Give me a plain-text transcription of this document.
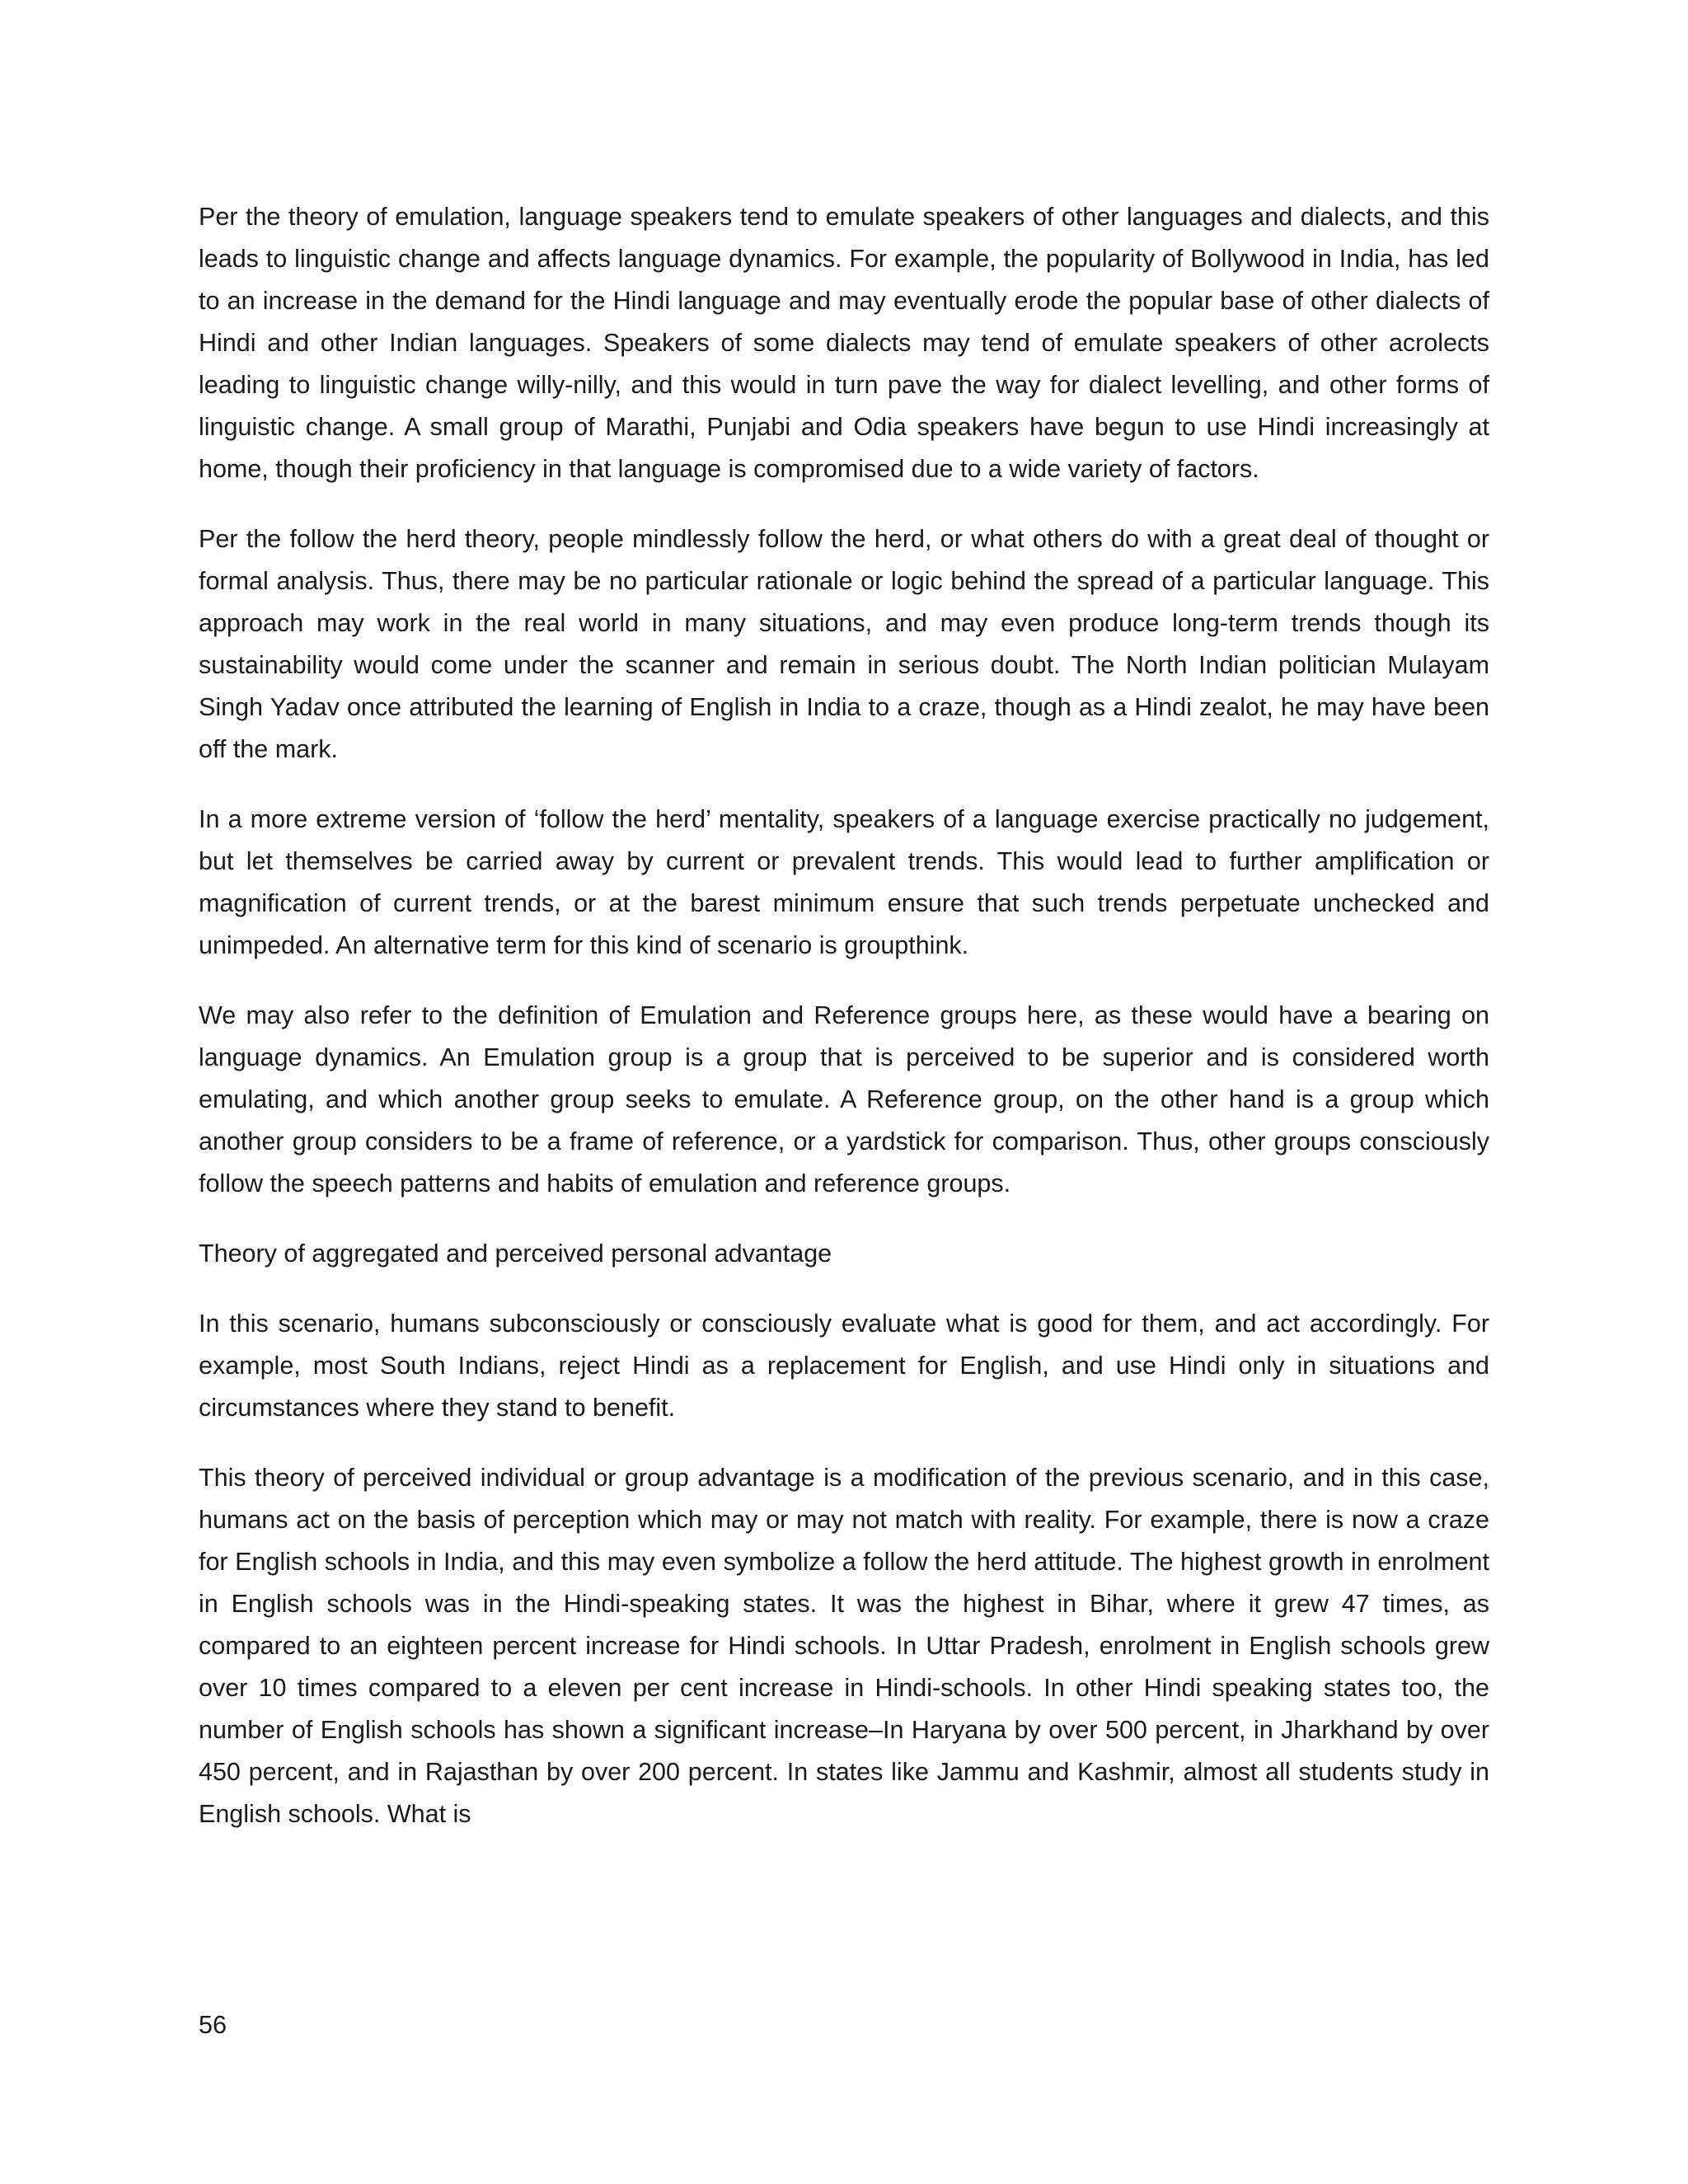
Per the theory of emulation, language speakers tend to emulate speakers of other languages and dialects, and this leads to linguistic change and affects language dynamics. For example, the popularity of Bollywood in India, has led to an increase in the demand for the Hindi language and may eventually erode the popular base of other dialects of Hindi and other Indian languages. Speakers of some dialects may tend of emulate speakers of other acrolects leading to linguistic change willy-nilly, and this would in turn pave the way for dialect levelling, and other forms of linguistic change. A small group of Marathi, Punjabi and Odia speakers have begun to use Hindi increasingly at home, though their proficiency in that language is compromised due to a wide variety of factors.

Per the follow the herd theory, people mindlessly follow the herd, or what others do with a great deal of thought or formal analysis. Thus, there may be no particular rationale or logic behind the spread of a particular language. This approach may work in the real world in many situations, and may even produce long-term trends though its sustainability would come under the scanner and remain in serious doubt. The North Indian politician Mulayam Singh Yadav once attributed the learning of English in India to a craze, though as a Hindi zealot, he may have been off the mark.

In a more extreme version of ‘follow the herd’ mentality, speakers of a language exercise practically no judgement, but let themselves be carried away by current or prevalent trends. This would lead to further amplification or magnification of current trends, or at the barest minimum ensure that such trends perpetuate unchecked and unimpeded. An alternative term for this kind of scenario is groupthink.

We may also refer to the definition of Emulation and Reference groups here, as these would have a bearing on language dynamics. An Emulation group is a group that is perceived to be superior and is considered worth emulating, and which another group seeks to emulate. A Reference group, on the other hand is a group which another group considers to be a frame of reference, or a yardstick for comparison. Thus, other groups consciously follow the speech patterns and habits of emulation and reference groups.

Theory of aggregated and perceived personal advantage

In this scenario, humans subconsciously or consciously evaluate what is good for them, and act accordingly. For example, most South Indians, reject Hindi as a replacement for English, and use Hindi only in situations and circumstances where they stand to benefit.

This theory of perceived individual or group advantage is a modification of the previous scenario, and in this case, humans act on the basis of perception which may or may not match with reality. For example, there is now a craze for English schools in India, and this may even symbolize a follow the herd attitude. The highest growth in enrolment in English schools was in the Hindi-speaking states. It was the highest in Bihar, where it grew 47 times, as compared to an eighteen percent increase for Hindi schools. In Uttar Pradesh, enrolment in English schools grew over 10 times compared to a eleven per cent increase in Hindi-schools. In other Hindi speaking states too, the number of English schools has shown a significant increase–In Haryana by over 500 percent, in Jharkhand by over 450 percent, and in Rajasthan by over 200 percent. In states like Jammu and Kashmir, almost all students study in English schools. What is

56
